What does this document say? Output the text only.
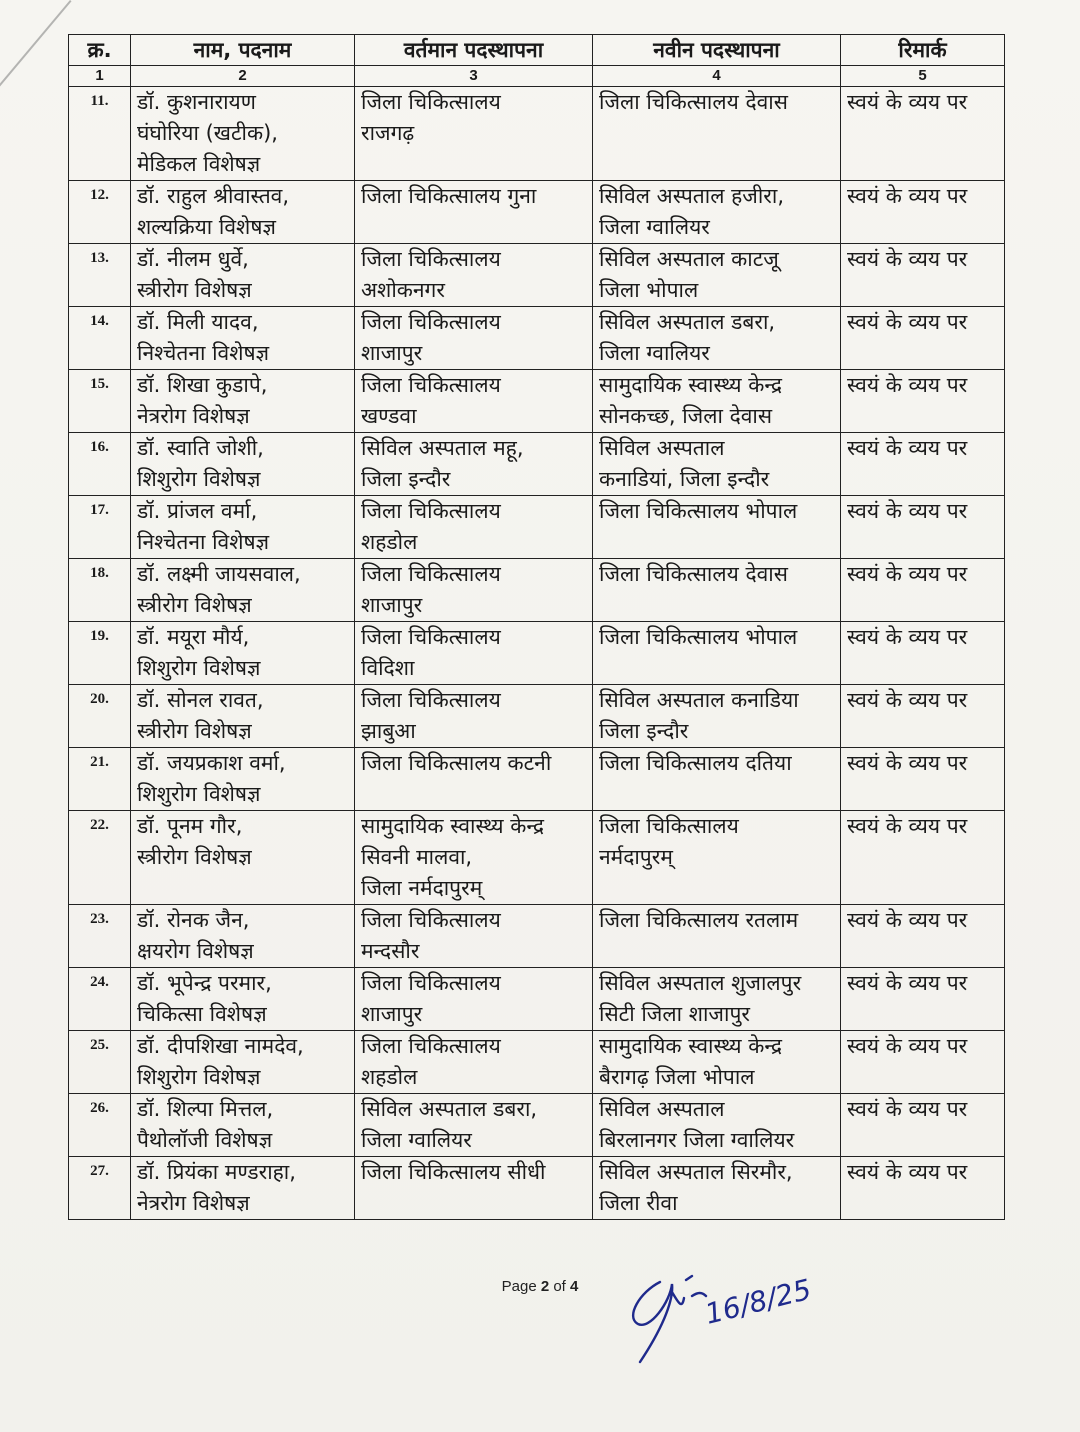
क्र.	नाम, पदनाम	वर्तमान पदस्थापना	नवीन पदस्थापना	रिमार्क
1	2	3	4	5
11.	डॉ. कुशनारायण
घंघोरिया (खटीक),
मेडिकल विशेषज्ञ	जिला चिकित्सालय
राजगढ़	जिला चिकित्सालय देवास	स्वयं के व्यय पर
12.	डॉ. राहुल श्रीवास्तव,
शल्यक्रिया विशेषज्ञ	जिला चिकित्सालय गुना	सिविल अस्पताल हजीरा,
जिला ग्वालियर	स्वयं के व्यय पर
13.	डॉ. नीलम धुर्वे,
स्त्रीरोग विशेषज्ञ	जिला चिकित्सालय
अशोकनगर	सिविल अस्पताल काटजू
जिला भोपाल	स्वयं के व्यय पर
14.	डॉ. मिली यादव,
निश्चेतना विशेषज्ञ	जिला चिकित्सालय
शाजापुर	सिविल अस्पताल डबरा,
जिला ग्वालियर	स्वयं के व्यय पर
15.	डॉ. शिखा कुडापे,
नेत्ररोग विशेषज्ञ	जिला चिकित्सालय
खण्डवा	सामुदायिक स्वास्थ्य केन्द्र
सोनकच्छ, जिला देवास	स्वयं के व्यय पर
16.	डॉ. स्वाति जोशी,
शिशुरोग विशेषज्ञ	सिविल अस्पताल महू,
जिला इन्दौर	सिविल अस्पताल
कनाडियां, जिला इन्दौर	स्वयं के व्यय पर
17.	डॉ. प्रांजल वर्मा,
निश्चेतना विशेषज्ञ	जिला चिकित्सालय
शहडोल	जिला चिकित्सालय भोपाल	स्वयं के व्यय पर
18.	डॉ. लक्ष्मी जायसवाल,
स्त्रीरोग विशेषज्ञ	जिला चिकित्सालय
शाजापुर	जिला चिकित्सालय देवास	स्वयं के व्यय पर
19.	डॉ. मयूरा मौर्य,
शिशुरोग विशेषज्ञ	जिला चिकित्सालय
विदिशा	जिला चिकित्सालय भोपाल	स्वयं के व्यय पर
20.	डॉ. सोनल रावत,
स्त्रीरोग विशेषज्ञ	जिला चिकित्सालय
झाबुआ	सिविल अस्पताल कनाडिया
जिला इन्दौर	स्वयं के व्यय पर
21.	डॉ. जयप्रकाश वर्मा,
शिशुरोग विशेषज्ञ	जिला चिकित्सालय कटनी	जिला चिकित्सालय दतिया	स्वयं के व्यय पर
22.	डॉ. पूनम गौर,
स्त्रीरोग विशेषज्ञ	सामुदायिक स्वास्थ्य केन्द्र
सिवनी मालवा,
जिला नर्मदापुरम्	जिला चिकित्सालय
नर्मदापुरम्	स्वयं के व्यय पर
23.	डॉ. रोनक जैन,
क्षयरोग विशेषज्ञ	जिला चिकित्सालय
मन्दसौर	जिला चिकित्सालय रतलाम	स्वयं के व्यय पर
24.	डॉ. भूपेन्द्र परमार,
चिकित्सा विशेषज्ञ	जिला चिकित्सालय
शाजापुर	सिविल अस्पताल शुजालपुर
सिटी जिला शाजापुर	स्वयं के व्यय पर
25.	डॉ. दीपशिखा नामदेव,
शिशुरोग विशेषज्ञ	जिला चिकित्सालय
शहडोल	सामुदायिक स्वास्थ्य केन्द्र
बैरागढ़ जिला भोपाल	स्वयं के व्यय पर
26.	डॉ. शिल्पा मित्तल,
पैथोलॉजी विशेषज्ञ	सिविल अस्पताल डबरा,
जिला ग्वालियर	सिविल अस्पताल
बिरलानगर जिला ग्वालियर	स्वयं के व्यय पर
27.	डॉ. प्रियंका मण्डराहा,
नेत्ररोग विशेषज्ञ	जिला चिकित्सालय सीधी	सिविल अस्पताल सिरमौर,
जिला रीवा	स्वयं के व्यय पर
Page 2 of 4	16/8/25
